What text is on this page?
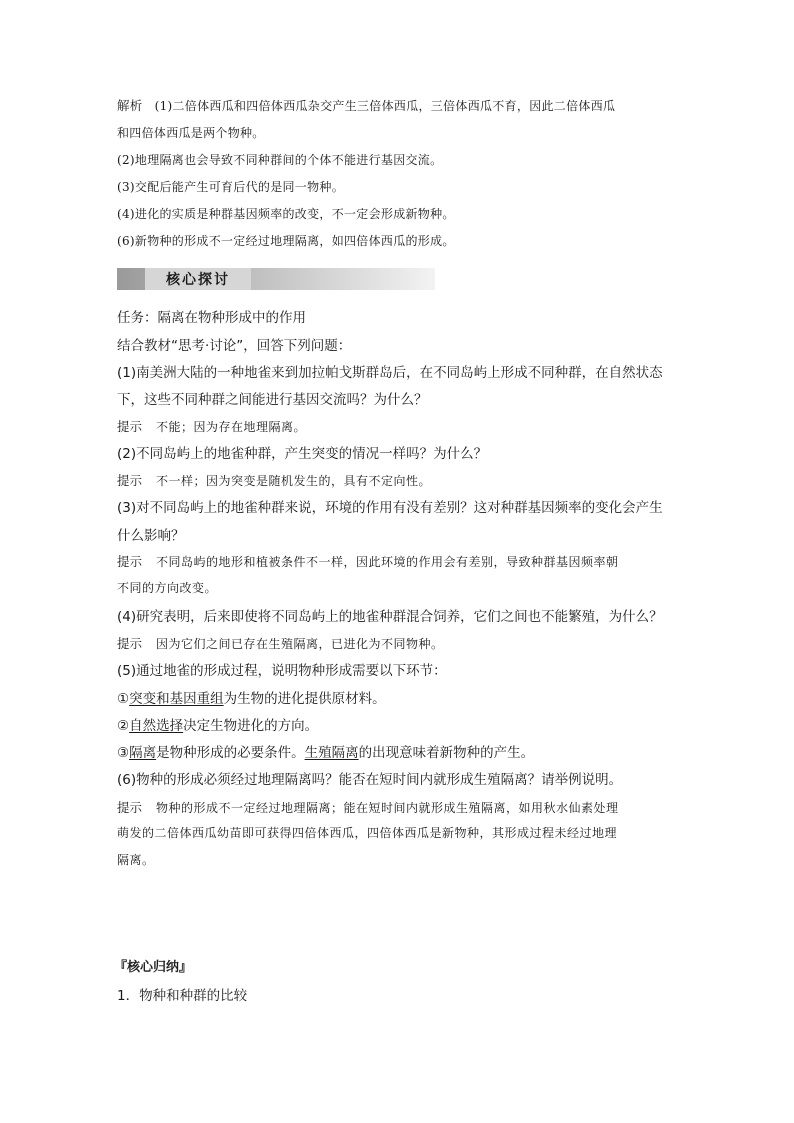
解析 (1)二倍体西瓜和四倍体西瓜杂交产生三倍体西瓜，三倍体西瓜不育，因此二倍体西瓜
和四倍体西瓜是两个物种。
(2)地理隔离也会导致不同种群间的个体不能进行基因交流。
(3)交配后能产生可育后代的是同一物种。
(4)进化的实质是种群基因频率的改变，不一定会形成新物种。
(6)新物种的形成不一定经过地理隔离，如四倍体西瓜的形成。
核心探讨
任务：隔离在物种形成中的作用
结合教材“思考·讨论”，回答下列问题：
(1)南美洲大陆的一种地雀来到加拉帕戈斯群岛后，在不同岛屿上形成不同种群，在自然状态
下，这些不同种群之间能进行基因交流吗？为什么？
提示 不能；因为存在地理隔离。
(2)不同岛屿上的地雀种群，产生突变的情况一样吗？为什么？
提示 不一样；因为突变是随机发生的，具有不定向性。
(3)对不同岛屿上的地雀种群来说，环境的作用有没有差别？这对种群基因频率的变化会产生
什么影响？
提示 不同岛屿的地形和植被条件不一样，因此环境的作用会有差别，导致种群基因频率朝
不同的方向改变。
(4)研究表明，后来即使将不同岛屿上的地雀种群混合饲养，它们之间也不能繁殖，为什么？
提示 因为它们之间已存在生殖隔离，已进化为不同物种。
(5)通过地雀的形成过程，说明物种形成需要以下环节：
①突变和基因重组为生物的进化提供原材料。
②自然选择决定生物进化的方向。
③隔离是物种形成的必要条件。生殖隔离的出现意味着新物种的产生。
(6)物种的形成必须经过地理隔离吗？能否在短时间内就形成生殖隔离？请举例说明。
提示 物种的形成不一定经过地理隔离；能在短时间内就形成生殖隔离，如用秋水仙素处理
萌发的二倍体西瓜幼苗即可获得四倍体西瓜，四倍体西瓜是新物种，其形成过程未经过地理
隔离。
『核心归纳』
1．物种和种群的比较
